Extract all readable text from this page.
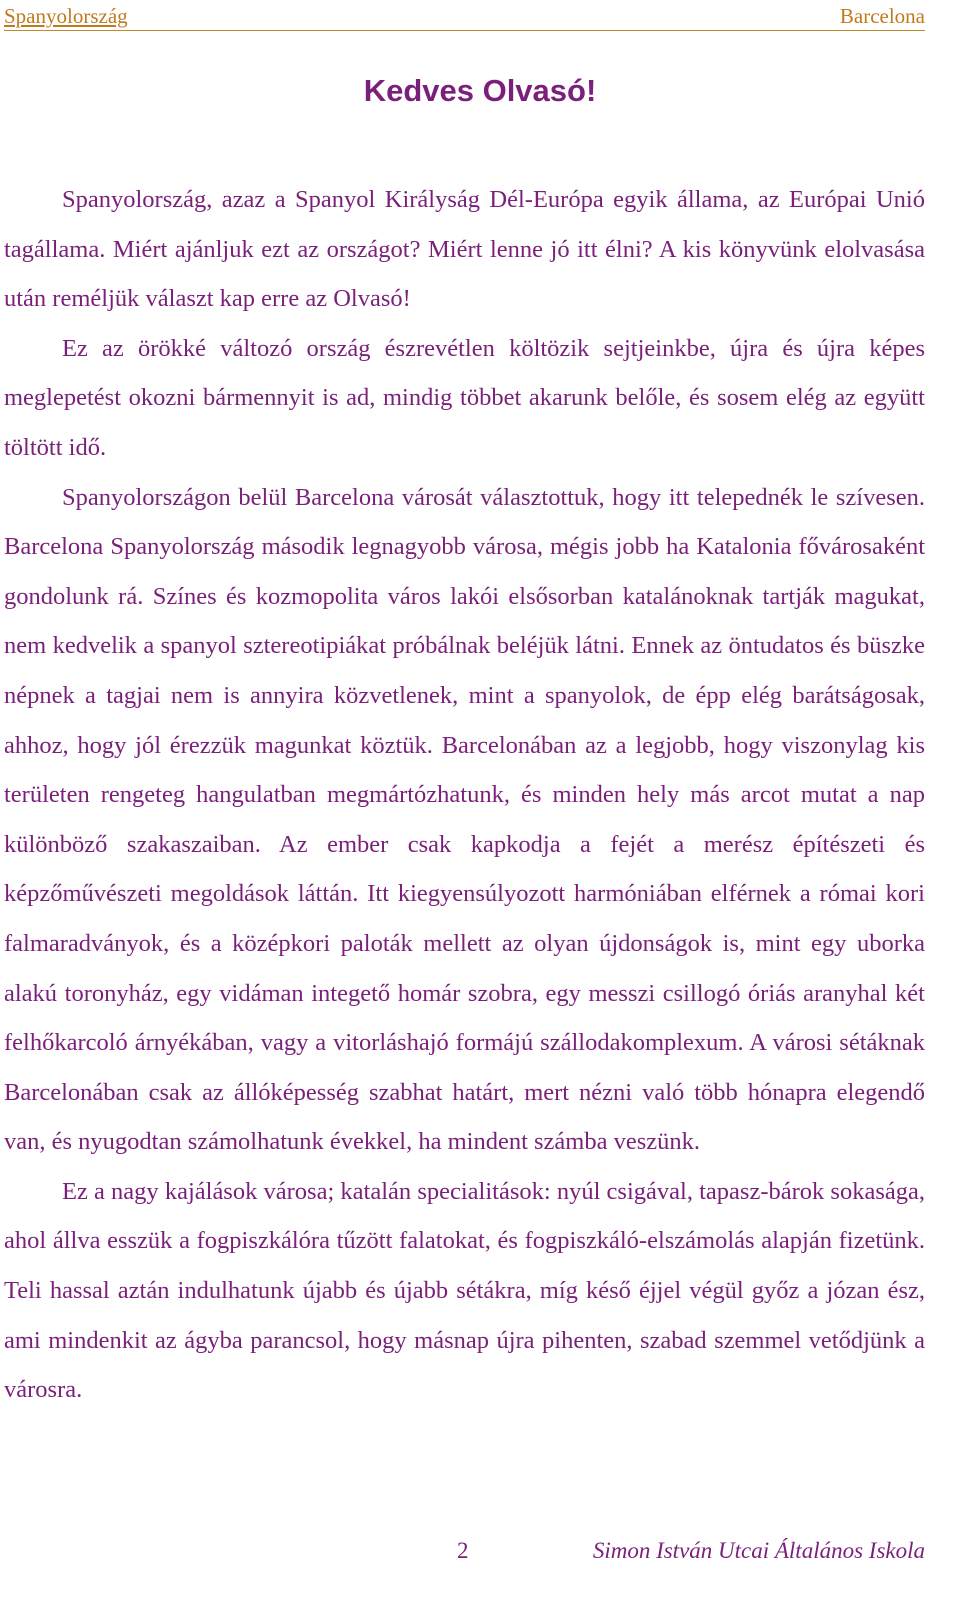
Spanyolország	Barcelona
Kedves Olvasó!

Spanyolország, azaz a Spanyol Királyság Dél-Európa egyik állama, az Európai Unió tagállama. Miért ajánljuk ezt az országot? Miért lenne jó itt élni? A kis könyvünk elolvasása után reméljük választ kap erre az Olvasó!

Ez az örökké változó ország észrevétlen költözik sejtjeinkbe, újra és újra képes meglepetést okozni bármennyit is ad, mindig többet akarunk belőle, és sosem elég az együtt töltött idő.

Spanyolországon belül Barcelona városát választottuk, hogy itt telepednék le szívesen. Barcelona Spanyolország második legnagyobb városa, mégis jobb ha Katalonia fővárosaként gondolunk rá. Színes és kozmopolita város lakói elsősorban katalánoknak tartják magukat, nem kedvelik a spanyol sztereotipiákat próbálnak beléjük látni. Ennek az öntudatos és büszke népnek a tagjai nem is annyira közvetlenek, mint a spanyolok, de épp elég barátságosak, ahhoz, hogy jól érezzük magunkat köztük. Barcelonában az a legjobb, hogy viszonylag kis területen rengeteg hangulatban megmártózhatunk, és minden hely más arcot mutat a nap különböző szakaszaiban. Az ember csak kapkodja a fejét a merész építészeti és képzőművészeti megoldások láttán. Itt kiegyensúlyozott harmóniában elférnek a római kori falmaradványok, és a középkori paloták mellett az olyan újdonságok is, mint egy uborka alakú toronyház, egy vidáman integető homár szobra, egy messzi csillogó óriás aranyhal két felhőkarcoló árnyékában, vagy a vitorláshajó formájú szállodakomplexum. A városi sétáknak Barcelonában csak az állóképesség szabhat határt, mert nézni való több hónapra elegendő van, és nyugodtan számolhatunk évekkel, ha mindent számba veszünk.

Ez a nagy kajálások városa; katalán specialitások: nyúl csigával, tapasz-bárok sokasága, ahol állva esszük a fogpiszkálóra tűzött falatokat, és fogpiszkáló-elszámolás alapján fizetünk. Teli hassal aztán indulhatunk újabb és újabb sétákra, míg késő éjjel végül győz a józan ész, ami mindenkit az ágyba parancsol, hogy másnap újra pihenten, szabad szemmel vetődjünk a városra.

2	Simon István Utcai Általános Iskola
